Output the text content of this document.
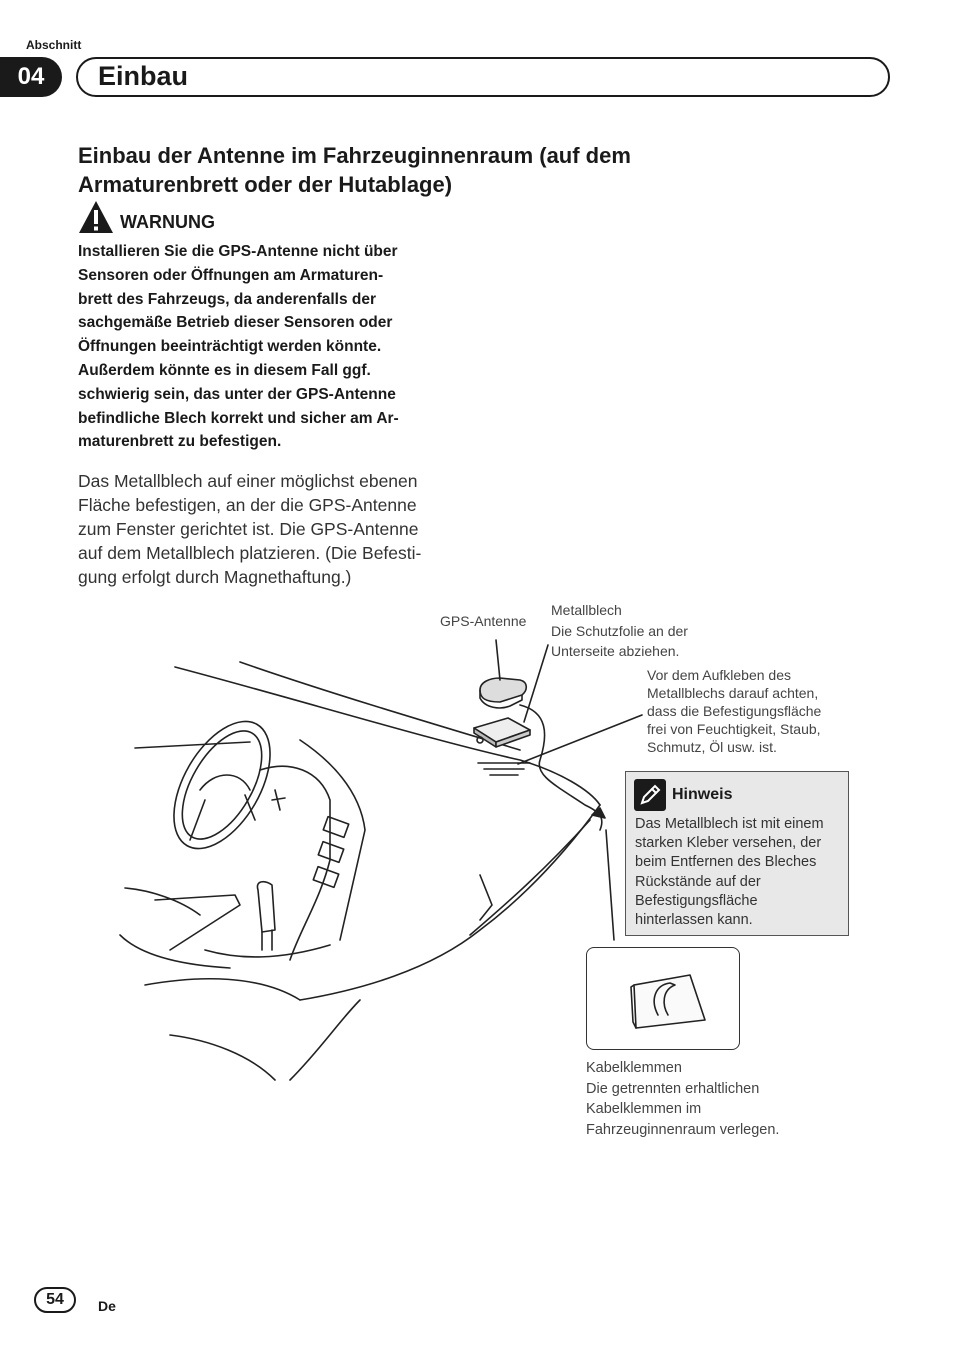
Abschnitt
04	Einbau
Einbau der Antenne im Fahrzeuginnenraum (auf dem
Armaturenbrett oder der Hutablage)
WARNUNG
Installieren Sie die GPS-Antenne nicht über
Sensoren oder Öffnungen am Armaturen-
brett des Fahrzeugs, da anderenfalls der
sachgemäße Betrieb dieser Sensoren oder
Öffnungen beeinträchtigt werden könnte.
Außerdem könnte es in diesem Fall ggf.
schwierig sein, das unter der GPS-Antenne
befindliche Blech korrekt und sicher am Ar-
maturenbrett zu befestigen.
Das Metallblech auf einer möglichst ebenen
Fläche befestigen, an der die GPS-Antenne
zum Fenster gerichtet ist. Die GPS-Antenne
auf dem Metallblech platzieren. (Die Befesti-
gung erfolgt durch Magnethaftung.)
GPS-Antenne
Metallblech
Die Schutzfolie an der
Unterseite abziehen.
Vor dem Aufkleben des
Metallblechs darauf achten,
dass die Befestigungsfläche
frei von Feuchtigkeit, Staub,
Schmutz, Öl usw. ist.
Hinweis
Das Metallblech ist mit einem
starken Kleber versehen, der
beim Entfernen des Bleches
Rückstände auf der
Befestigungsfläche
hinterlassen kann.
Kabelklemmen
Die getrennten erhaltlichen
Kabelklemmen im
Fahrzeuginnenraum verlegen.
54	De
